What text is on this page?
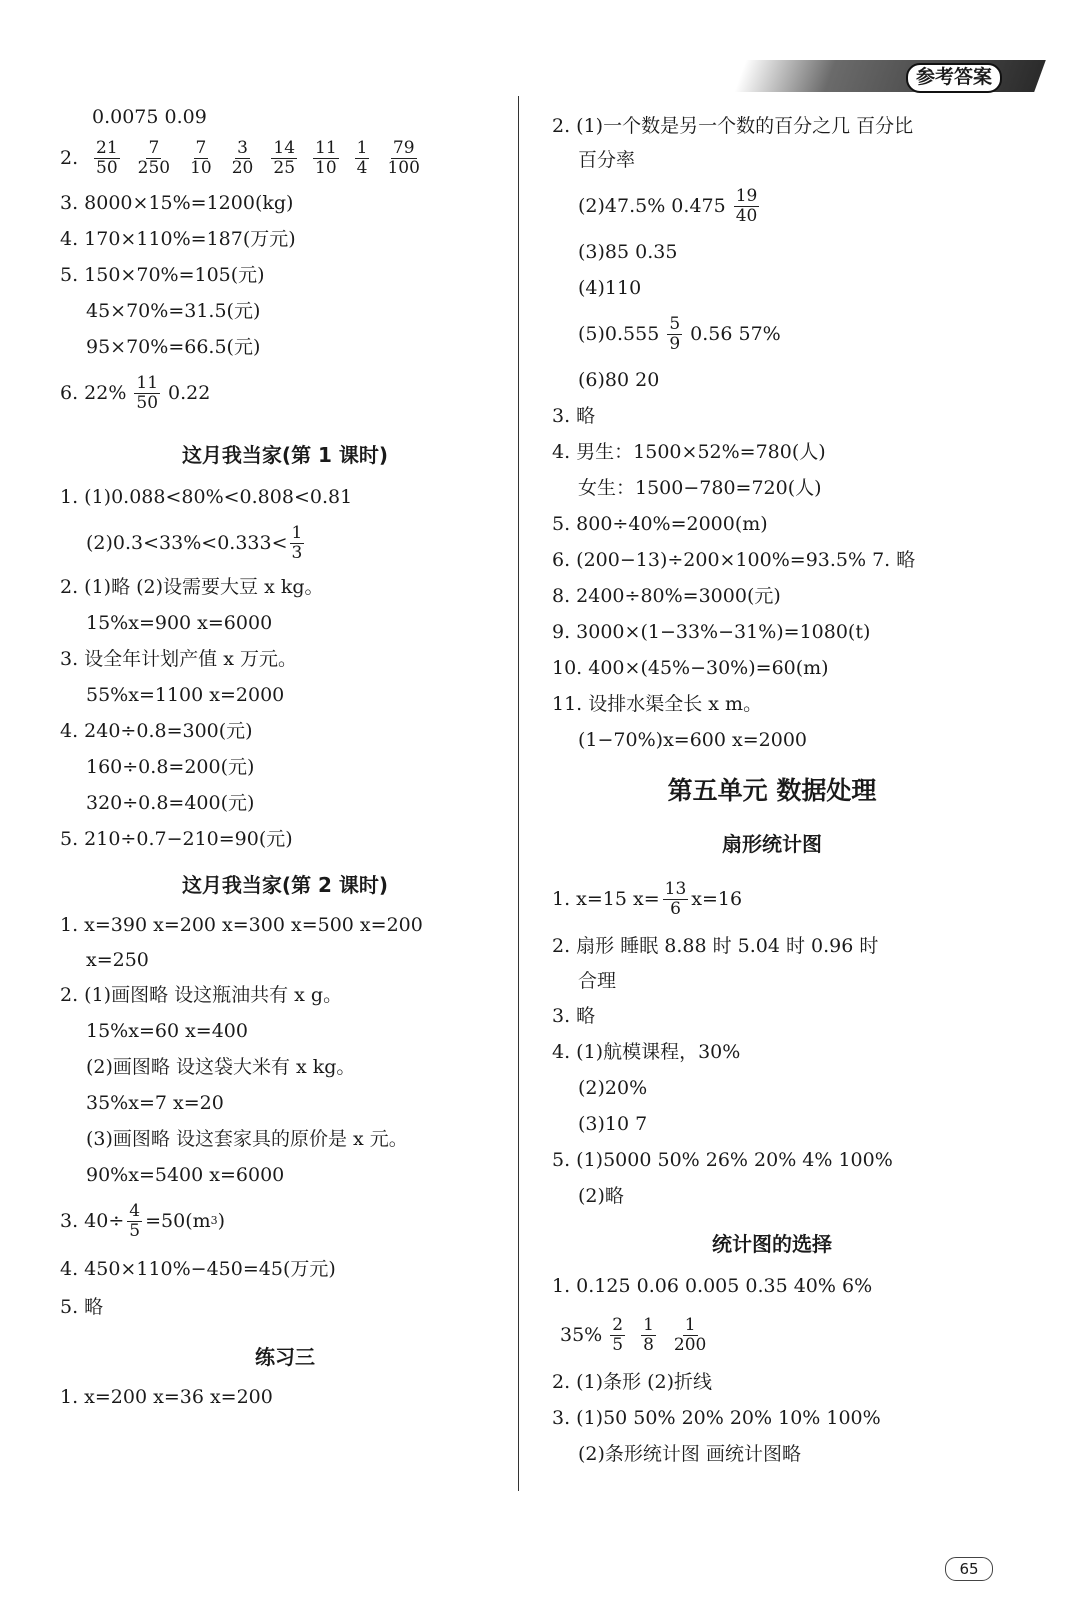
参考答案
0.0075 0.09
2. $\frac{21}{50} \frac{7}{250} \frac{7}{10} \frac{3}{20} \frac{14}{25} \frac{11}{10} \frac{1}{4} \frac{79}{100}$
3. 8000×15%=1200(kg)
4. 170×110%=187(万元)
5. 150×70%=105(元)
45×70%=31.5(元)
95×70%=66.5(元)
6. $22\% \frac{11}{50} 0.22$
这月我当家(第 1 课时)
1. (1)0.088<80%<0.808<0.81
$(2)0.3<33\%<0.333< \frac{1}{3}$
2. (1)略 (2)设需要大豆 x kg。
15%x=900 x=6000
3. 设全年计划产值 x 万元。
55%x=1100 x=2000
4. 240÷0.8=300(元)
160÷0.8=200(元)
320÷0.8=400(元)
5. 210÷0.7−210=90(元)
这月我当家(第 2 课时)
1. x=390 x=200 x=300 x=500 x=200
x=250
2. (1)画图略 设这瓶油共有 x g。
15%x=60 x=400
(2)画图略 设这袋大米有 x kg。
35%x=7 x=20
(3)画图略 设这套家具的原价是 x 元。
90%x=5400 x=6000
3. $40\div \frac{4}{5} =50(m$ 3 )
4. 450×110%−450=45(万元)
5. 略
练习三
1. x=200 x=36 x=200
2. (1)一个数是另一个数的百分之几 百分比
百分率
(2)47.5% $0.475 \frac{19}{40}$
(3)85 0.35
(4)110
$(5)0.555 \frac{5}{9} 0.56$ 57%
(6)80 20
3. 略
4. 男生：1500×52%=780(人)
女生：1500−780=720(人)
5. 800÷40%=2000(m)
6. (200−13)÷200×100%=93.5% 7. 略
8. 2400÷80%=3000(元)
9. 3000×(1−33%−31%)=1080(t)
10. 400×(45%−30%)=60(m)
11. 设排水渠全长 x m。
(1−70%)x=600 x=2000
第五单元 数据处理
扇形统计图
1. x=15 $x= \frac{13}{6} x=16$
2. 扇形 睡眠 8.88 时 5.04 时 0.96 时
合理
3. 略
4. (1)航模课程，30%
(2)20%
(3)10 7
5. (1)5000 50% 26% 20% 4% 100%
(2)略
统计图的选择
1. 0.125 0.06 0.005 0.35 40% 6%
$35\% \frac{2}{5} \frac{1}{8} \frac{1}{200}$
2. (1)条形 (2)折线
3. (1)50 50% 20% 20% 10% 100%
(2)条形统计图 画统计图略
65
